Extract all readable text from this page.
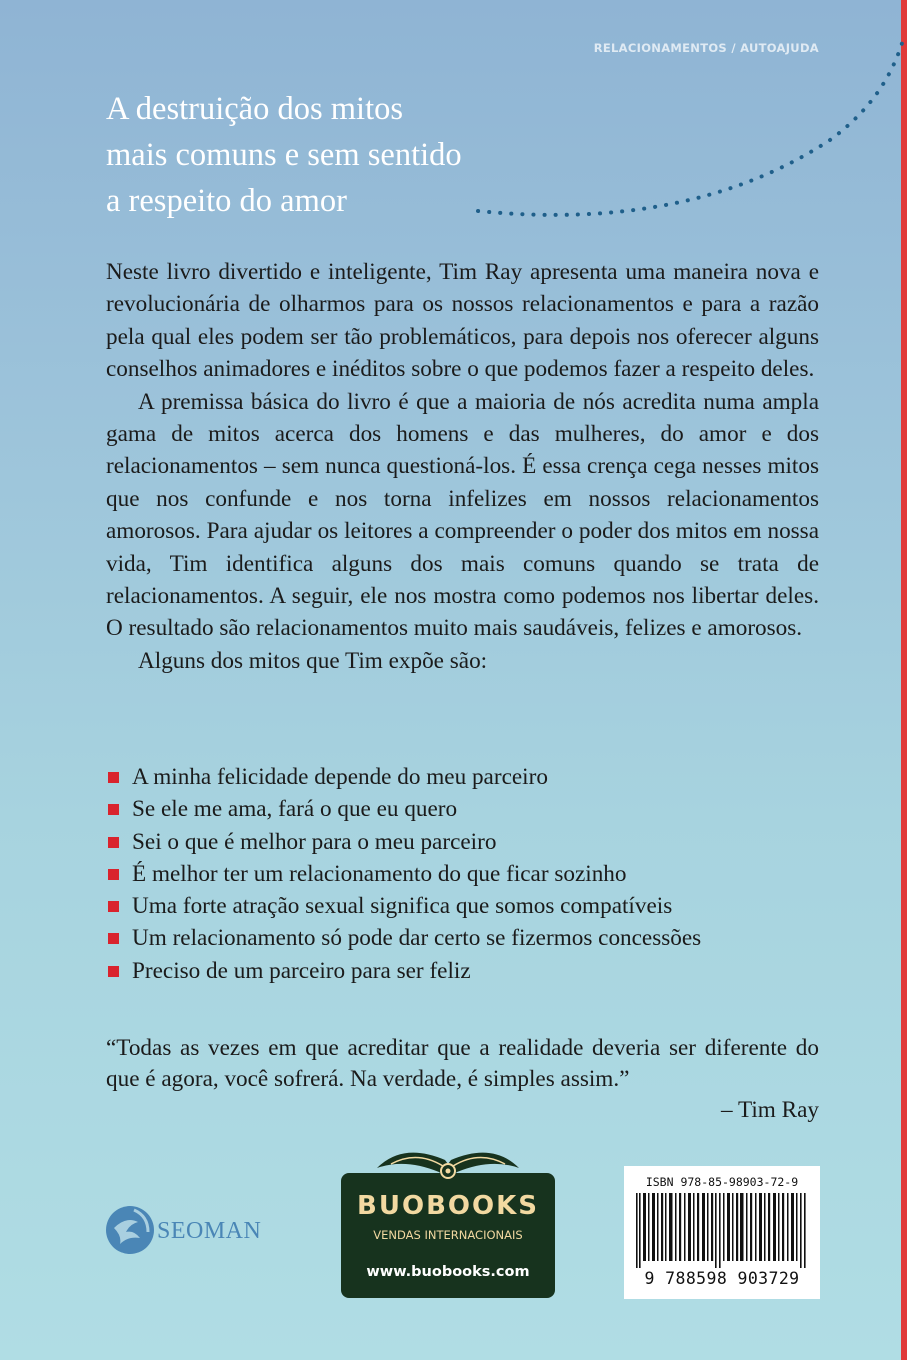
RELACIONAMENTOS / AUTOAJUDA
A destruição dos mitos
mais comuns e sem sentido
a respeito do amor

Neste livro divertido e inteligente, Tim Ray apresenta uma maneira nova e revolucionária de olharmos para os nossos relacionamentos e para a razão pela qual eles podem ser tão problemáticos, para depois nos oferecer alguns conselhos animadores e inéditos sobre o que podemos fazer a respeito deles.

A premissa básica do livro é que a maioria de nós acredita numa ampla gama de mitos acerca dos homens e das mulheres, do amor e dos relacionamentos – sem nunca questioná-los. É essa crença cega nesses mitos que nos confunde e nos torna infelizes em nossos relacionamentos amorosos. Para ajudar os leitores a compreender o poder dos mitos em nossa vida, Tim identifica alguns dos mais comuns quando se trata de relacionamentos. A seguir, ele nos mostra como podemos nos libertar deles. O resultado são relacionamentos muito mais saudáveis, felizes e amorosos.

Alguns dos mitos que Tim expõe são:

A minha felicidade depende do meu parceiro
Se ele me ama, fará o que eu quero
Sei o que é melhor para o meu parceiro
É melhor ter um relacionamento do que ficar sozinho
Uma forte atração sexual significa que somos compatíveis
Um relacionamento só pode dar certo se fizermos concessões
Preciso de um parceiro para ser feliz
“Todas as vezes em que acreditar que a realidade deveria ser diferente do que é agora, você sofrerá. Na verdade, é simples assim.”
– Tim Ray
SEOMAN
BUOBOOKS
VENDAS INTERNACIONAIS
www.buobooks.com
ISBN 978-85-98903-72-9
9 788598 903729
